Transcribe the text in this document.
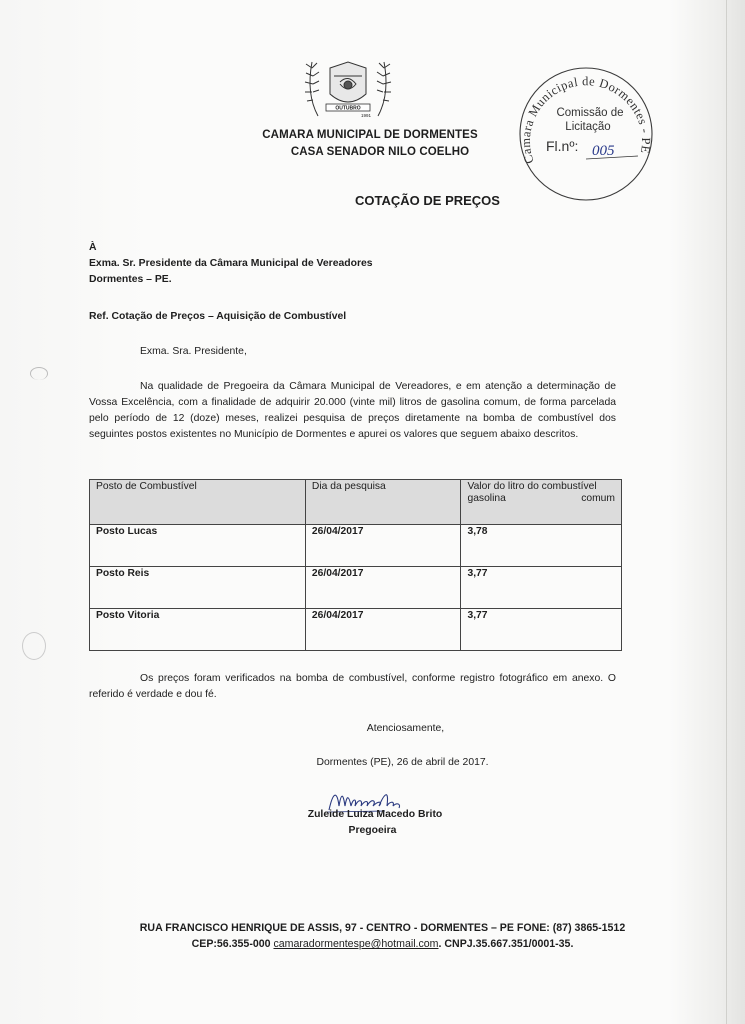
OUTUBRO
1991
CAMARA MUNICIPAL DE DORMENTES
CASA SENADOR NILO COELHO
Camara Municipal de Dormentes - PE
Comissão de
Licitação
Fl.nº: 005
COTAÇÃO DE PREÇOS
À
Exma. Sr. Presidente da Câmara Municipal de Vereadores
Dormentes – PE.
Ref. Cotação de Preços – Aquisição de Combustível
Exma. Sra. Presidente,
Na qualidade de Pregoeira da Câmara Municipal de Vereadores, e em atenção a determinação de Vossa Excelência, com a finalidade de adquirir 20.000 (vinte mil) litros de gasolina comum, de forma parcelada pelo período de 12 (doze) meses, realizei pesquisa de preços diretamente na bomba de combustível dos seguintes postos existentes no Município de Dormentes e apurei os valores que seguem abaixo descritos.
Posto de Combustível	Dia da pesquisa	Valor do litro do combustível gasolina comum
Posto Lucas	26/04/2017	3,78
Posto Reis	26/04/2017	3,77
Posto Vitoria	26/04/2017	3,77
Os preços foram verificados na bomba de combustível, conforme registro fotográfico em anexo. O referido é verdade e dou fé.
Atenciosamente,
Dormentes (PE), 26 de abril de 2017.
Zuleide Luiza Macedo Brito
Pregoeira
RUA FRANCISCO HENRIQUE DE ASSIS, 97 - CENTRO - DORMENTES – PE FONE: (87) 3865-1512
CEP:56.355-000 camaradormentespe@hotmail.com. CNPJ.35.667.351/0001-35.
